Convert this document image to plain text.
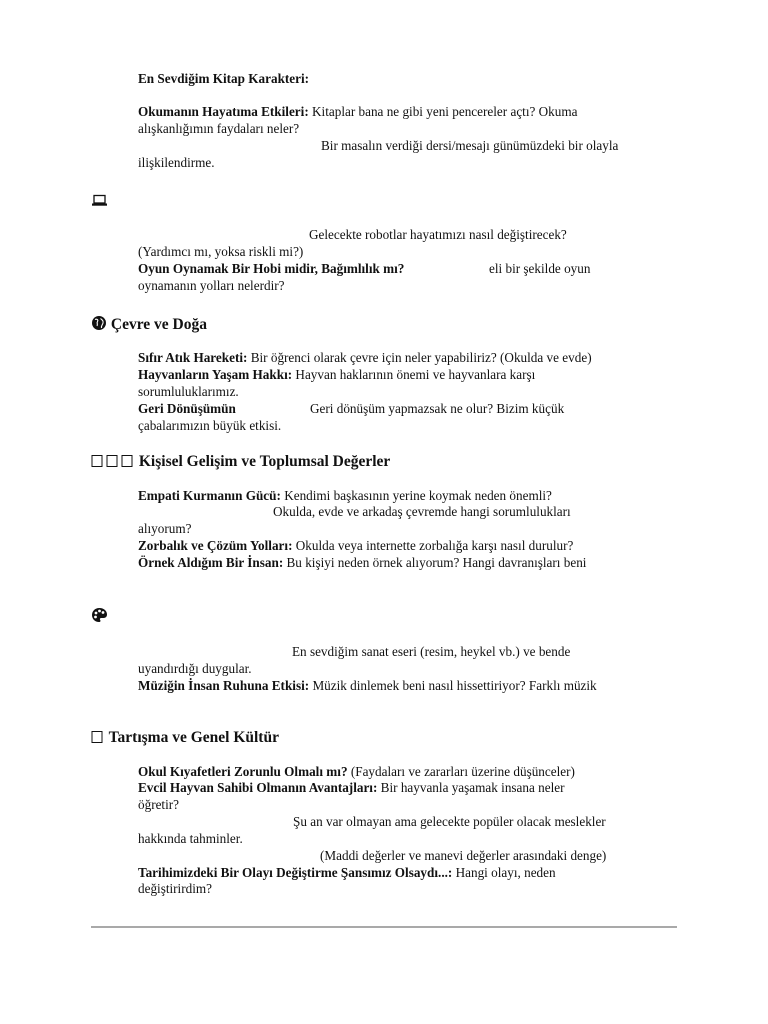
En Sevdiğim Kitap Karakteri:
Okumanın Hayatıma Etkileri: Kitaplar bana ne gibi yeni pencereler açtı? Okuma
alışkanlığımın faydaları neler?
Bir masalın verdiği dersi/mesajı günümüzdeki bir olayla
ilişkilendirme.
Gelecekte robotlar hayatımızı nasıl değiştirecek?
(Yardımcı mı, yoksa riskli mi?)
Oyun Oynamak Bir Hobi midir, Bağımlılık mı?	eli bir şekilde oyun
oynamanın yolları nelerdir?
Çevre ve Doğa
Sıfır Atık Hareketi: Bir öğrenci olarak çevre için neler yapabiliriz? (Okulda ve evde)
Hayvanların Yaşam Hakkı: Hayvan haklarının önemi ve hayvanlara karşı
sorumluluklarımız.
Geri Dönüşümün	Geri dönüşüm yapmazsak ne olur? Bizim küçük
çabalarımızın büyük etkisi.
Kişisel Gelişim ve Toplumsal Değerler
Empati Kurmanın Gücü: Kendimi başkasının yerine koymak neden önemli?
Okulda, evde ve arkadaş çevremde hangi sorumlulukları
alıyorum?
Zorbalık ve Çözüm Yolları: Okulda veya internette zorbalığa karşı nasıl durulur?
Örnek Aldığım Bir İnsan: Bu kişiyi neden örnek alıyorum? Hangi davranışları beni
En sevdiğim sanat eseri (resim, heykel vb.) ve bende
uyandırdığı duygular.
Müziğin İnsan Ruhuna Etkisi: Müzik dinlemek beni nasıl hissettiriyor? Farklı müzik
Tartışma ve Genel Kültür
Okul Kıyafetleri Zorunlu Olmalı mı? (Faydaları ve zararları üzerine düşünceler)
Evcil Hayvan Sahibi Olmanın Avantajları: Bir hayvanla yaşamak insana neler
öğretir?
Şu an var olmayan ama gelecekte popüler olacak meslekler
hakkında tahminler.
(Maddi değerler ve manevi değerler arasındaki denge)
Tarihimizdeki Bir Olayı Değiştirme Şansımız Olsaydı...: Hangi olayı, neden
değiştirirdim?
